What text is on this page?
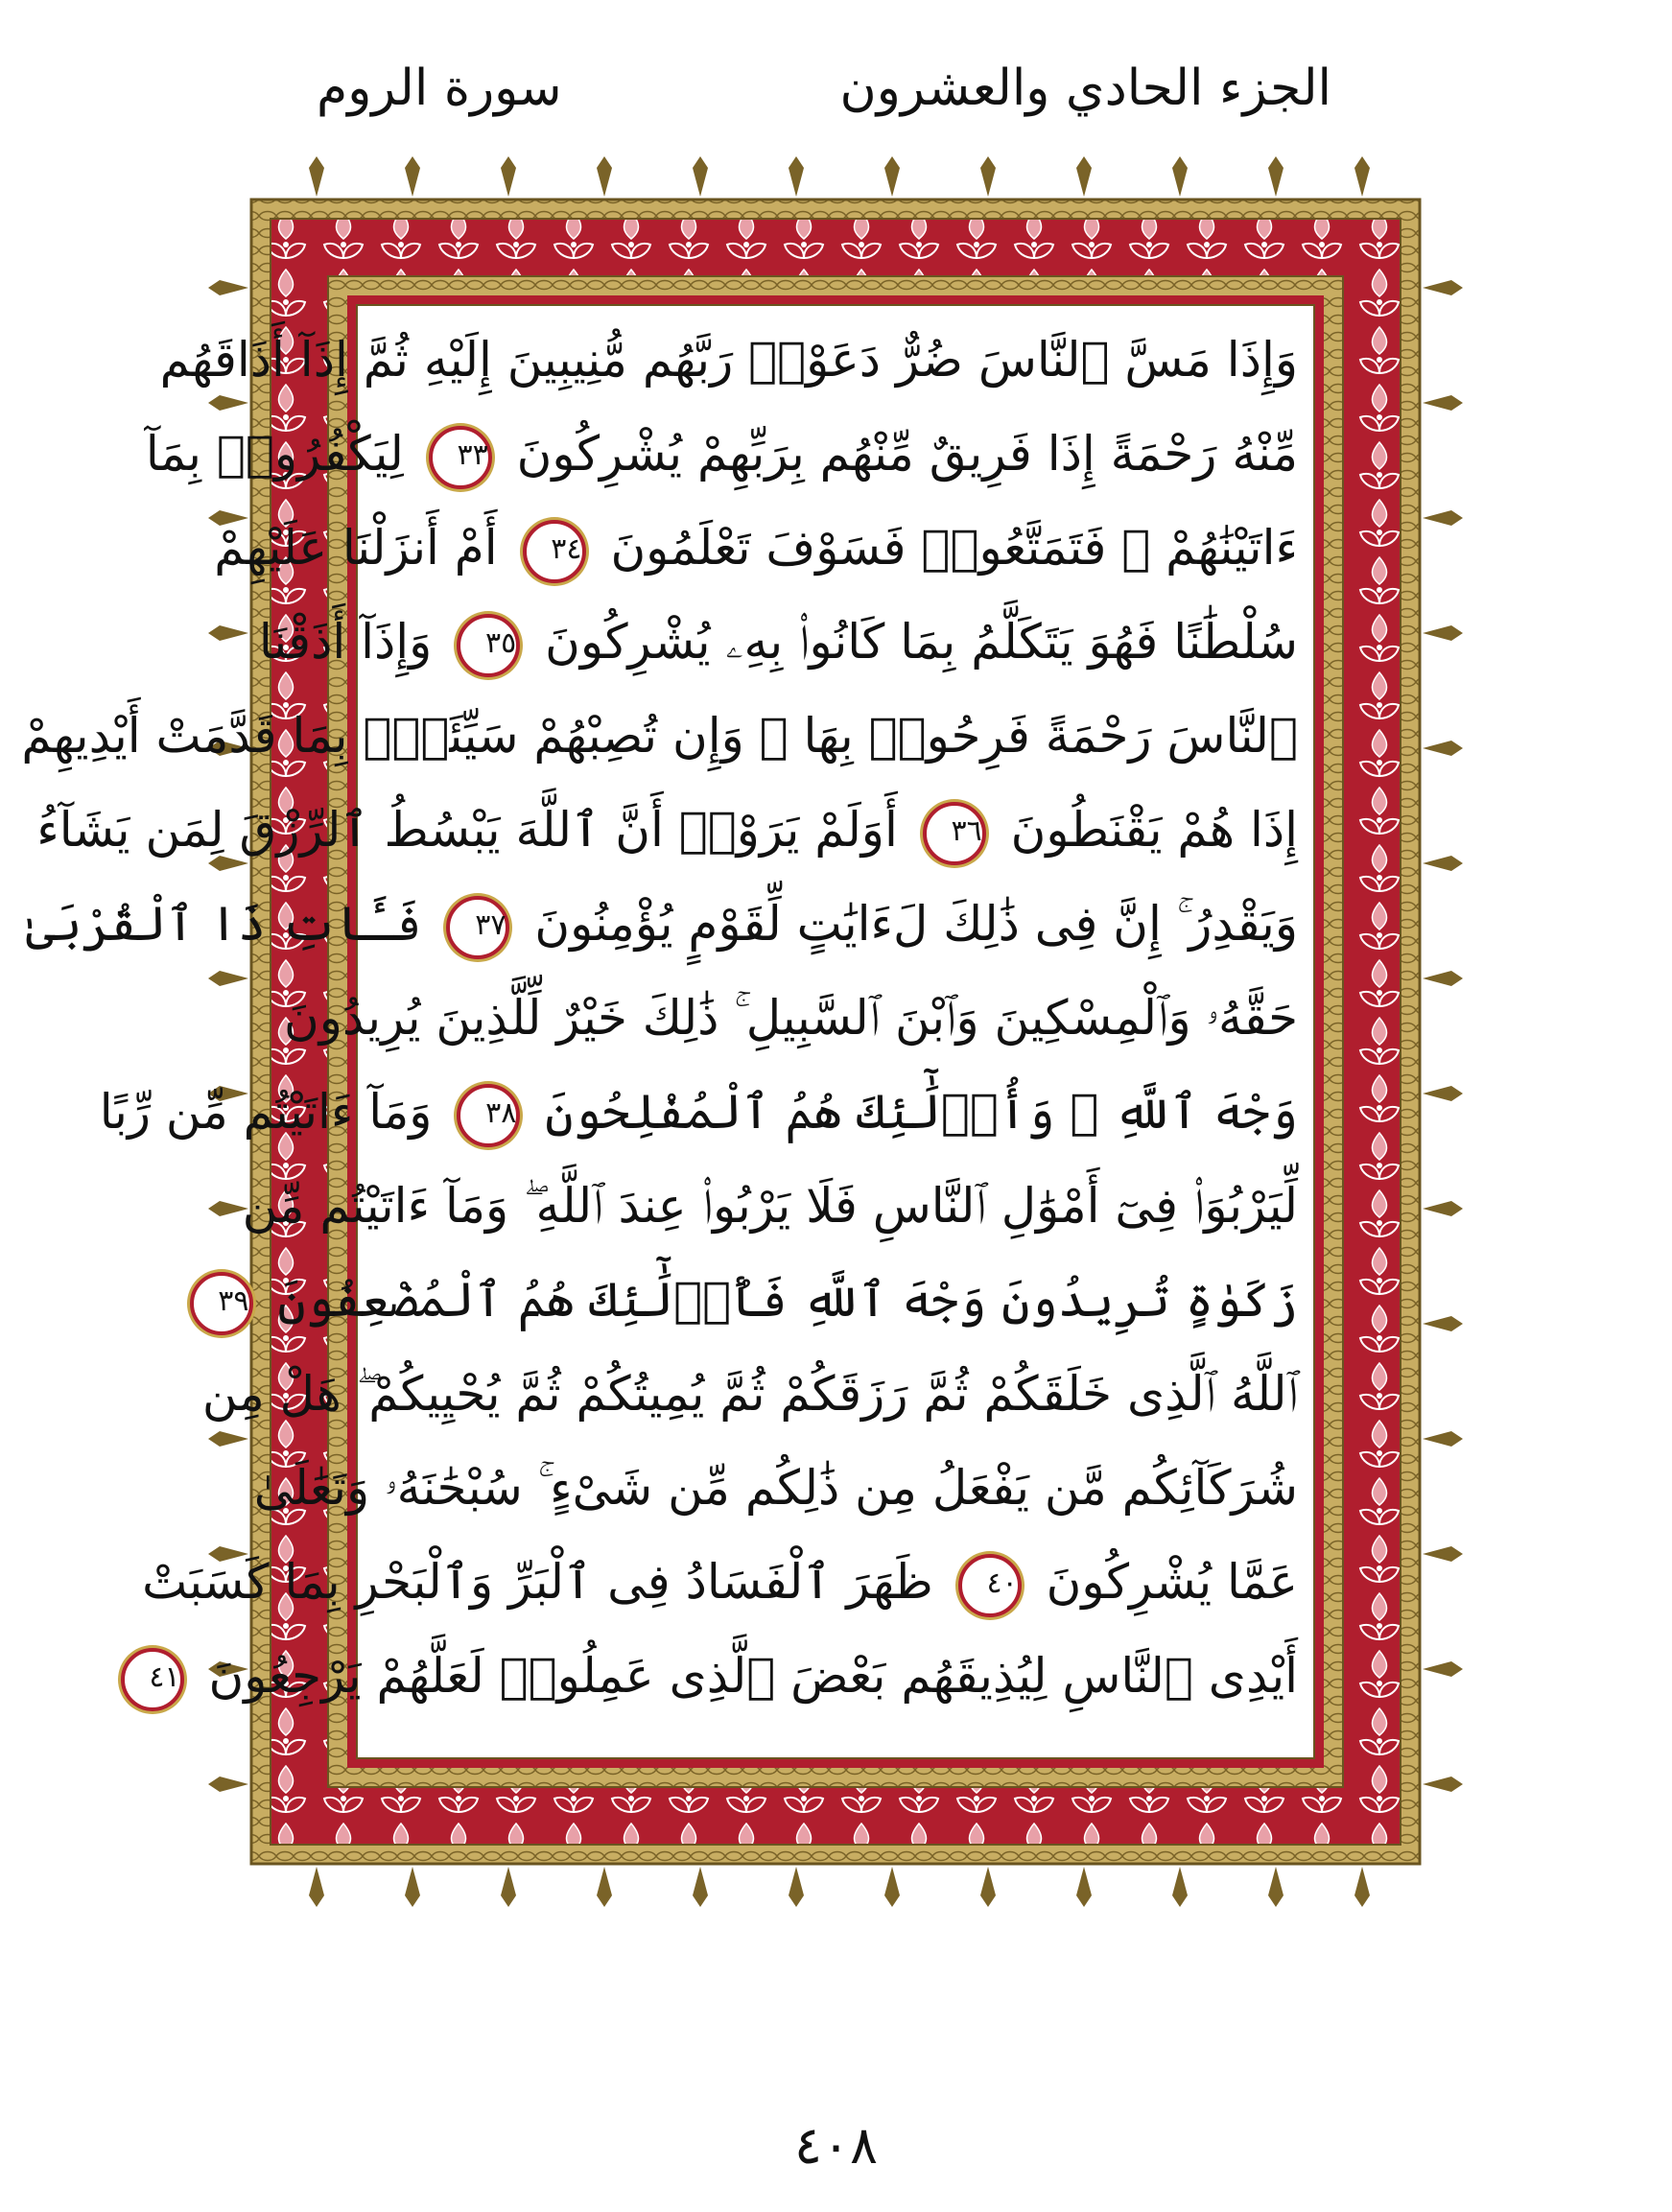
الجزء الحادي والعشرون
سورة الروم
وَإِذَا مَسَّ ٱلنَّاسَ ضُرٌّ دَعَوْا۟ رَبَّهُم مُّنِيبِينَ إِلَيْهِ ثُمَّ إِذَآ أَذَاقَهُم
مِّنْهُ رَحْمَةً إِذَا فَرِيقٌ مِّنْهُم بِرَبِّهِمْ يُشْرِكُونَ ٣٣ لِيَكْفُرُوا۟ بِمَآ
ءَاتَيْنَٰهُمْ ۚ فَتَمَتَّعُوا۟ فَسَوْفَ تَعْلَمُونَ ٣٤ أَمْ أَنزَلْنَا عَلَيْهِمْ
سُلْطَٰنًا فَهُوَ يَتَكَلَّمُ بِمَا كَانُوا۟ بِهِۦ يُشْرِكُونَ ٣٥ وَإِذَآ أَذَقْنَا
ٱلنَّاسَ رَحْمَةً فَرِحُوا۟ بِهَا ۖ وَإِن تُصِبْهُمْ سَيِّئَةٌۢ بِمَا قَدَّمَتْ أَيْدِيهِمْ
إِذَا هُمْ يَقْنَطُونَ ٣٦ أَوَلَمْ يَرَوْا۟ أَنَّ ٱللَّهَ يَبْسُطُ ٱلرِّزْقَ لِمَن يَشَآءُ
وَيَقْدِرُ ۚ إِنَّ فِى ذَٰلِكَ لَءَايَٰتٍ لِّقَوْمٍ يُؤْمِنُونَ ٣٧ فَـَٔاتِ ذَا ٱلْقُرْبَىٰ
حَقَّهُۥ وَٱلْمِسْكِينَ وَٱبْنَ ٱلسَّبِيلِ ۚ ذَٰلِكَ خَيْرٌ لِّلَّذِينَ يُرِيدُونَ
وَجْهَ ٱللَّهِ ۖ وَأُو۟لَٰٓئِكَ هُمُ ٱلْمُفْلِحُونَ ٣٨ وَمَآ ءَاتَيْتُم مِّن رِّبًا
لِّيَرْبُوَا۟ فِىٓ أَمْوَٰلِ ٱلنَّاسِ فَلَا يَرْبُوا۟ عِندَ ٱللَّهِ ۖ وَمَآ ءَاتَيْتُم مِّن
زَكَوٰةٍ تُرِيدُونَ وَجْهَ ٱللَّهِ فَأُو۟لَٰٓئِكَ هُمُ ٱلْمُضْعِفُونَ ٣٩
ٱللَّهُ ٱلَّذِى خَلَقَكُمْ ثُمَّ رَزَقَكُمْ ثُمَّ يُمِيتُكُمْ ثُمَّ يُحْيِيكُمْ ۖ هَلْ مِن
شُرَكَآئِكُم مَّن يَفْعَلُ مِن ذَٰلِكُم مِّن شَىْءٍ ۚ سُبْحَٰنَهُۥ وَتَعَٰلَىٰ
عَمَّا يُشْرِكُونَ ٤٠ ظَهَرَ ٱلْفَسَادُ فِى ٱلْبَرِّ وَٱلْبَحْرِ بِمَا كَسَبَتْ
أَيْدِى ٱلنَّاسِ لِيُذِيقَهُم بَعْضَ ٱلَّذِى عَمِلُوا۟ لَعَلَّهُمْ يَرْجِعُونَ ٤١
٤٠٨
